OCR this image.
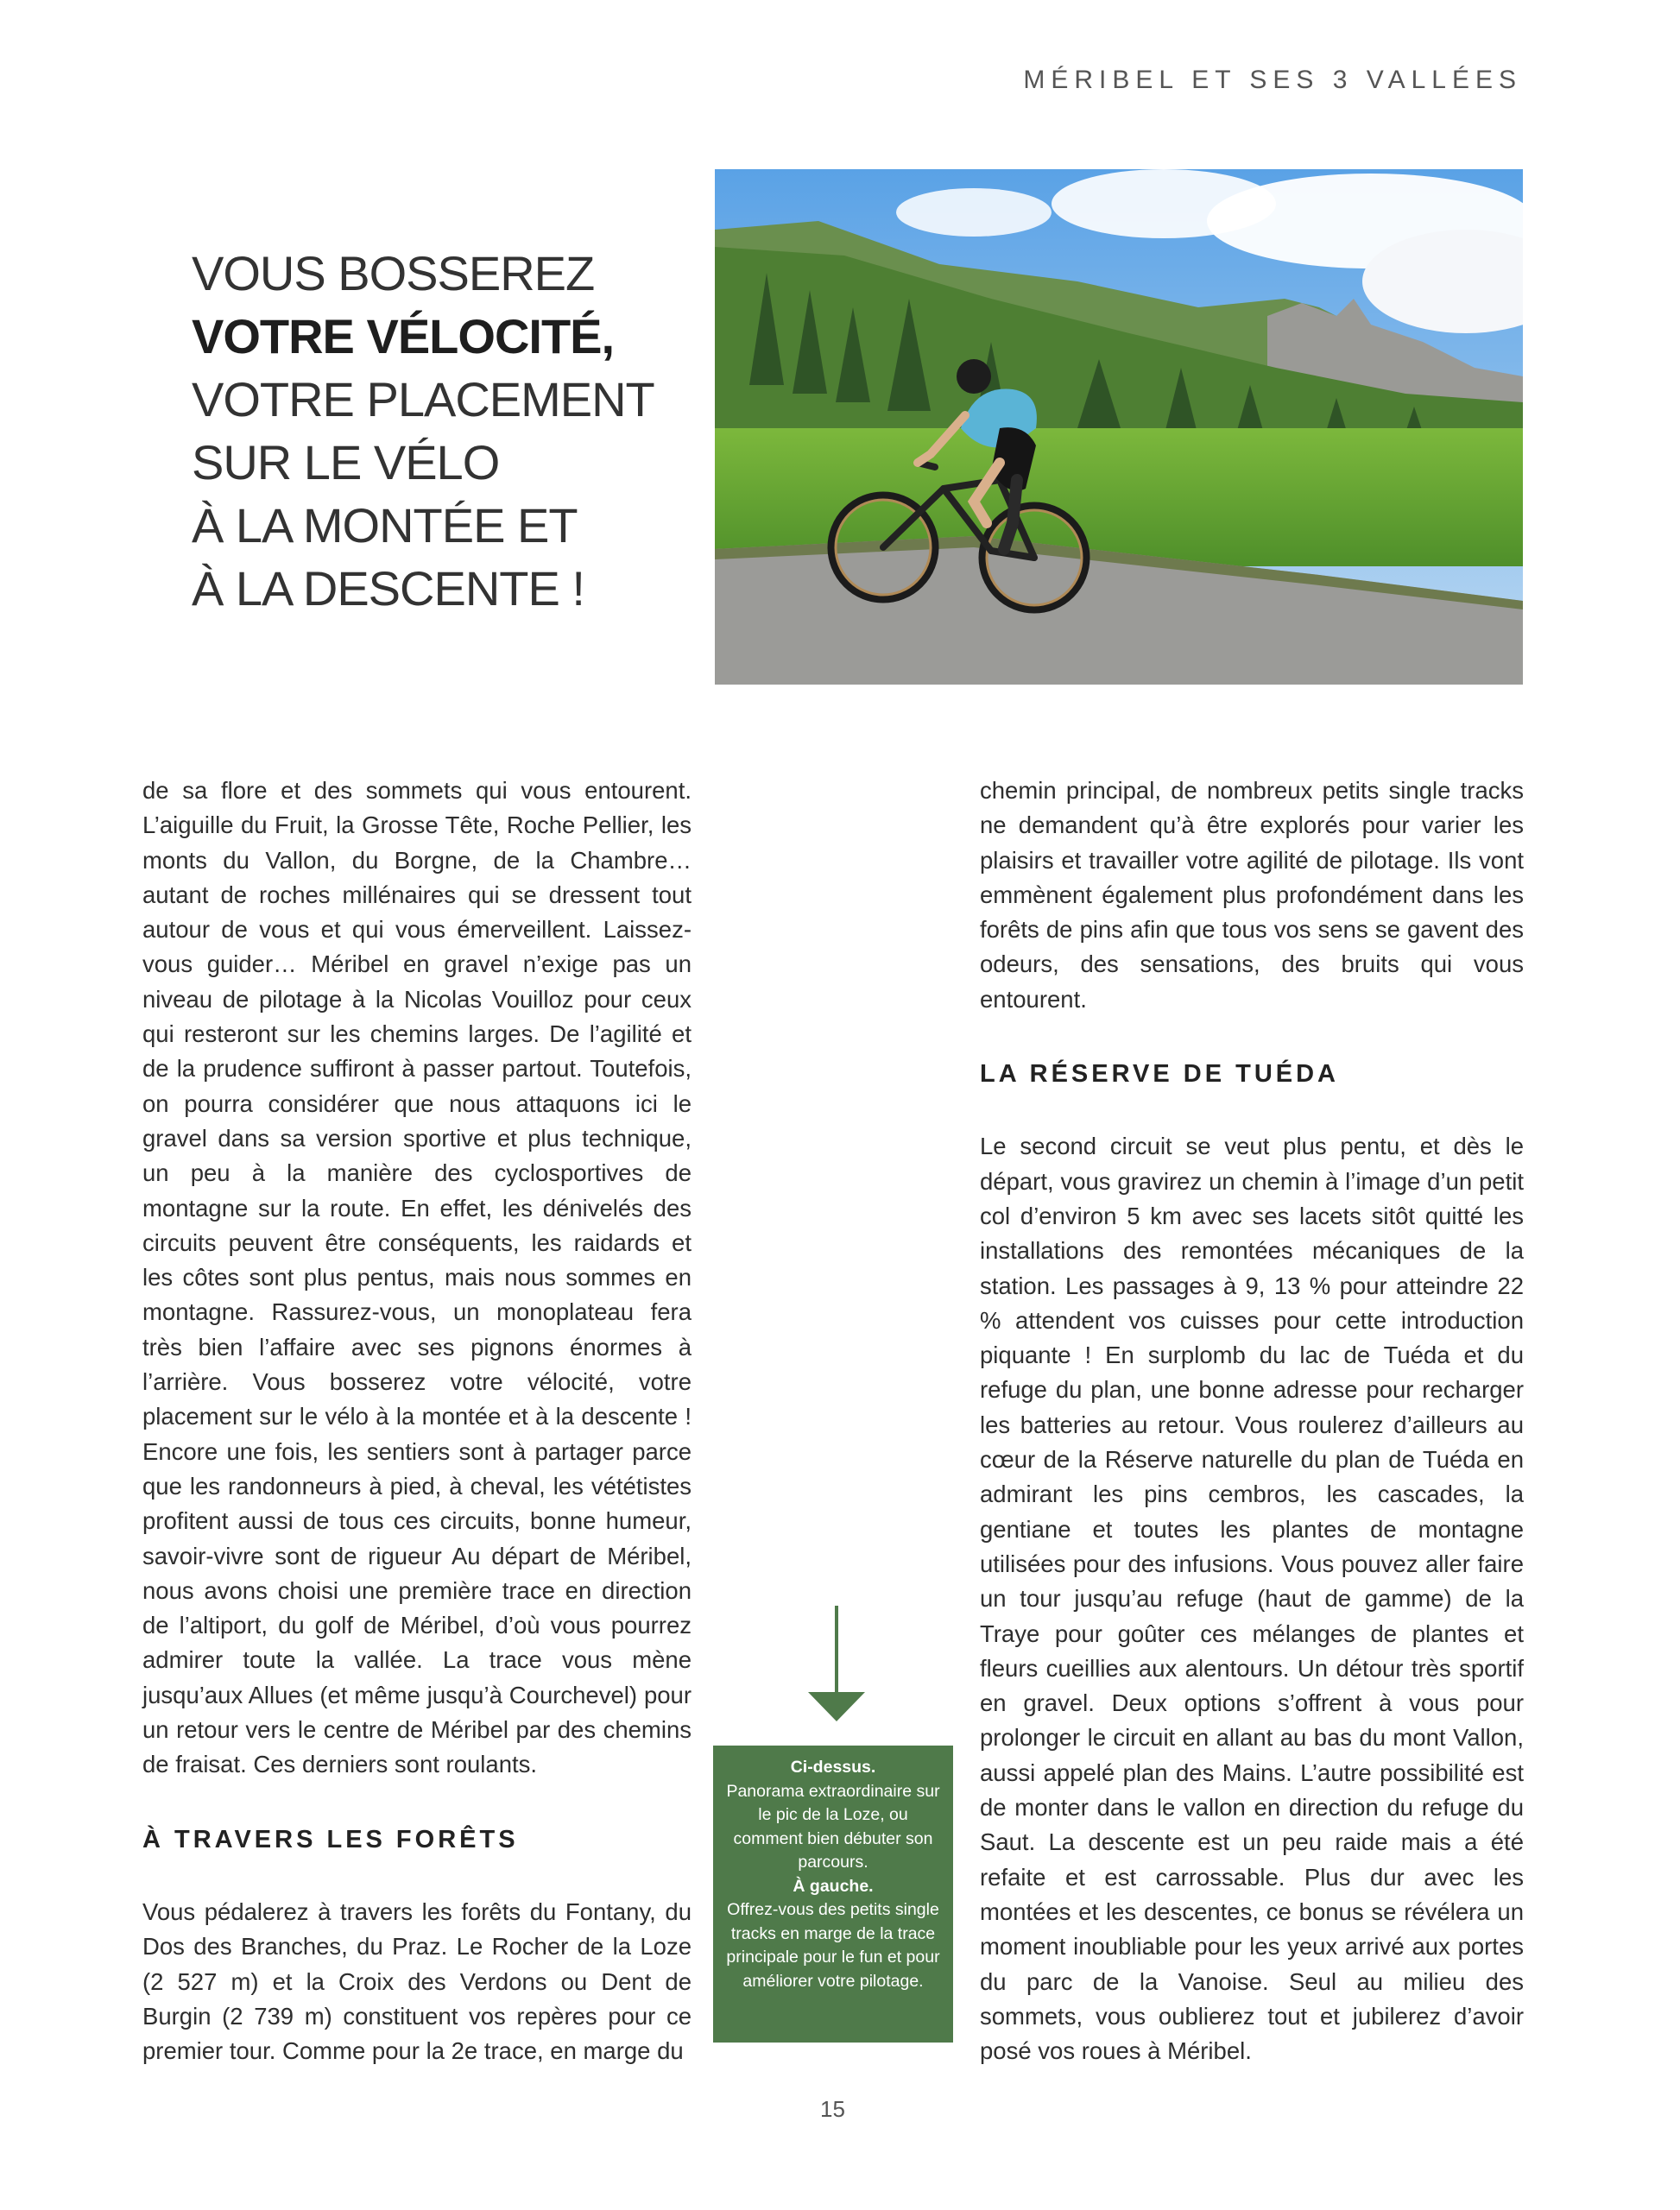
MÉRIBEL ET SES 3 VALLÉES
VOUS BOSSEREZ
VOTRE VÉLOCITÉ,
VOTRE PLACEMENT
SUR LE VÉLO
À LA MONTÉE ET
À LA DESCENTE !

de sa flore et des sommets qui vous entourent. L’aiguille du Fruit, la Grosse Tête, Roche Pellier, les monts du Vallon, du Borgne, de la Chambre… autant de roches millénaires qui se dressent tout autour de vous et qui vous émerveillent. Laissez-vous guider… Méribel en gravel n’exige pas un niveau de pilotage à la Nicolas Vouilloz pour ceux qui resteront sur les chemins larges. De l’agilité et de la prudence suffiront à passer partout. Toutefois, on pourra considérer que nous attaquons ici le gravel dans sa version sportive et plus technique, un peu à la manière des cyclosportives de montagne sur la route. En effet, les dénivelés des circuits peuvent être conséquents, les raidards et les côtes sont plus pentus, mais nous sommes en montagne. Rassurez-vous, un monoplateau fera très bien l’affaire avec ses pignons énormes à l’arrière. Vous bosserez votre vélocité, votre placement sur le vélo à la montée et à la descente ! Encore une fois, les sentiers sont à partager parce que les randonneurs à pied, à cheval, les vététistes profitent aussi de tous ces circuits, bonne humeur, savoir-vivre sont de rigueur Au départ de Méribel, nous avons choisi une première trace en direction de l’altiport, du golf de Méribel, d’où vous pourrez admirer toute la vallée. La trace vous mène jusqu’aux Allues (et même jusqu’à Courchevel) pour un retour vers le centre de Méribel par des chemins de fraisat. Ces derniers sont roulants.

À TRAVERS LES FORÊTS

Vous pédalerez à travers les forêts du Fontany, du Dos des Branches, du Praz. Le Rocher de la Loze (2 527 m) et la Croix des Verdons ou Dent de Burgin (2 739 m) constituent vos repères pour ce premier tour. Comme pour la 2e trace, en marge du

chemin principal, de nombreux petits single tracks ne demandent qu’à être explorés pour varier les plaisirs et travailler votre agilité de pilotage. Ils vont emmènent également plus profondément dans les forêts de pins afin que tous vos sens se gavent des odeurs, des sensations, des bruits qui vous entourent.

LA RÉSERVE DE TUÉDA

Le second circuit se veut plus pentu, et dès le départ, vous gravirez un chemin à l’image d’un petit col d’environ 5 km avec ses lacets sitôt quitté les installations des remontées mécaniques de la station. Les passages à 9, 13 % pour atteindre 22 % attendent vos cuisses pour cette introduction piquante ! En surplomb du lac de Tuéda et du refuge du plan, une bonne adresse pour recharger les batteries au retour. Vous roulerez d’ailleurs au cœur de la Réserve naturelle du plan de Tuéda en admirant les pins cembros, les cascades, la gentiane et toutes les plantes de montagne utilisées pour des infusions. Vous pouvez aller faire un tour jusqu’au refuge (haut de gamme) de la Traye pour goûter ces mélanges de plantes et fleurs cueillies aux alentours. Un détour très sportif en gravel. Deux options s’offrent à vous pour prolonger le circuit en allant au bas du mont Vallon, aussi appelé plan des Mains. L’autre possibilité est de monter dans le vallon en direction du refuge du Saut. La descente est un peu raide mais a été refaite et est carrossable. Plus dur avec les montées et les descentes, ce bonus se révélera un moment inoubliable pour les yeux arrivé aux portes du parc de la Vanoise. Seul au milieu des sommets, vous oublierez tout et jubilerez d’avoir posé vos roues à Méribel.

Ci-dessus.
Panorama extraordinaire sur le pic de la Loze, ou comment bien débuter son parcours.
À gauche.
Offrez-vous des petits single tracks en marge de la trace principale pour le fun et pour améliorer votre pilotage.
15
